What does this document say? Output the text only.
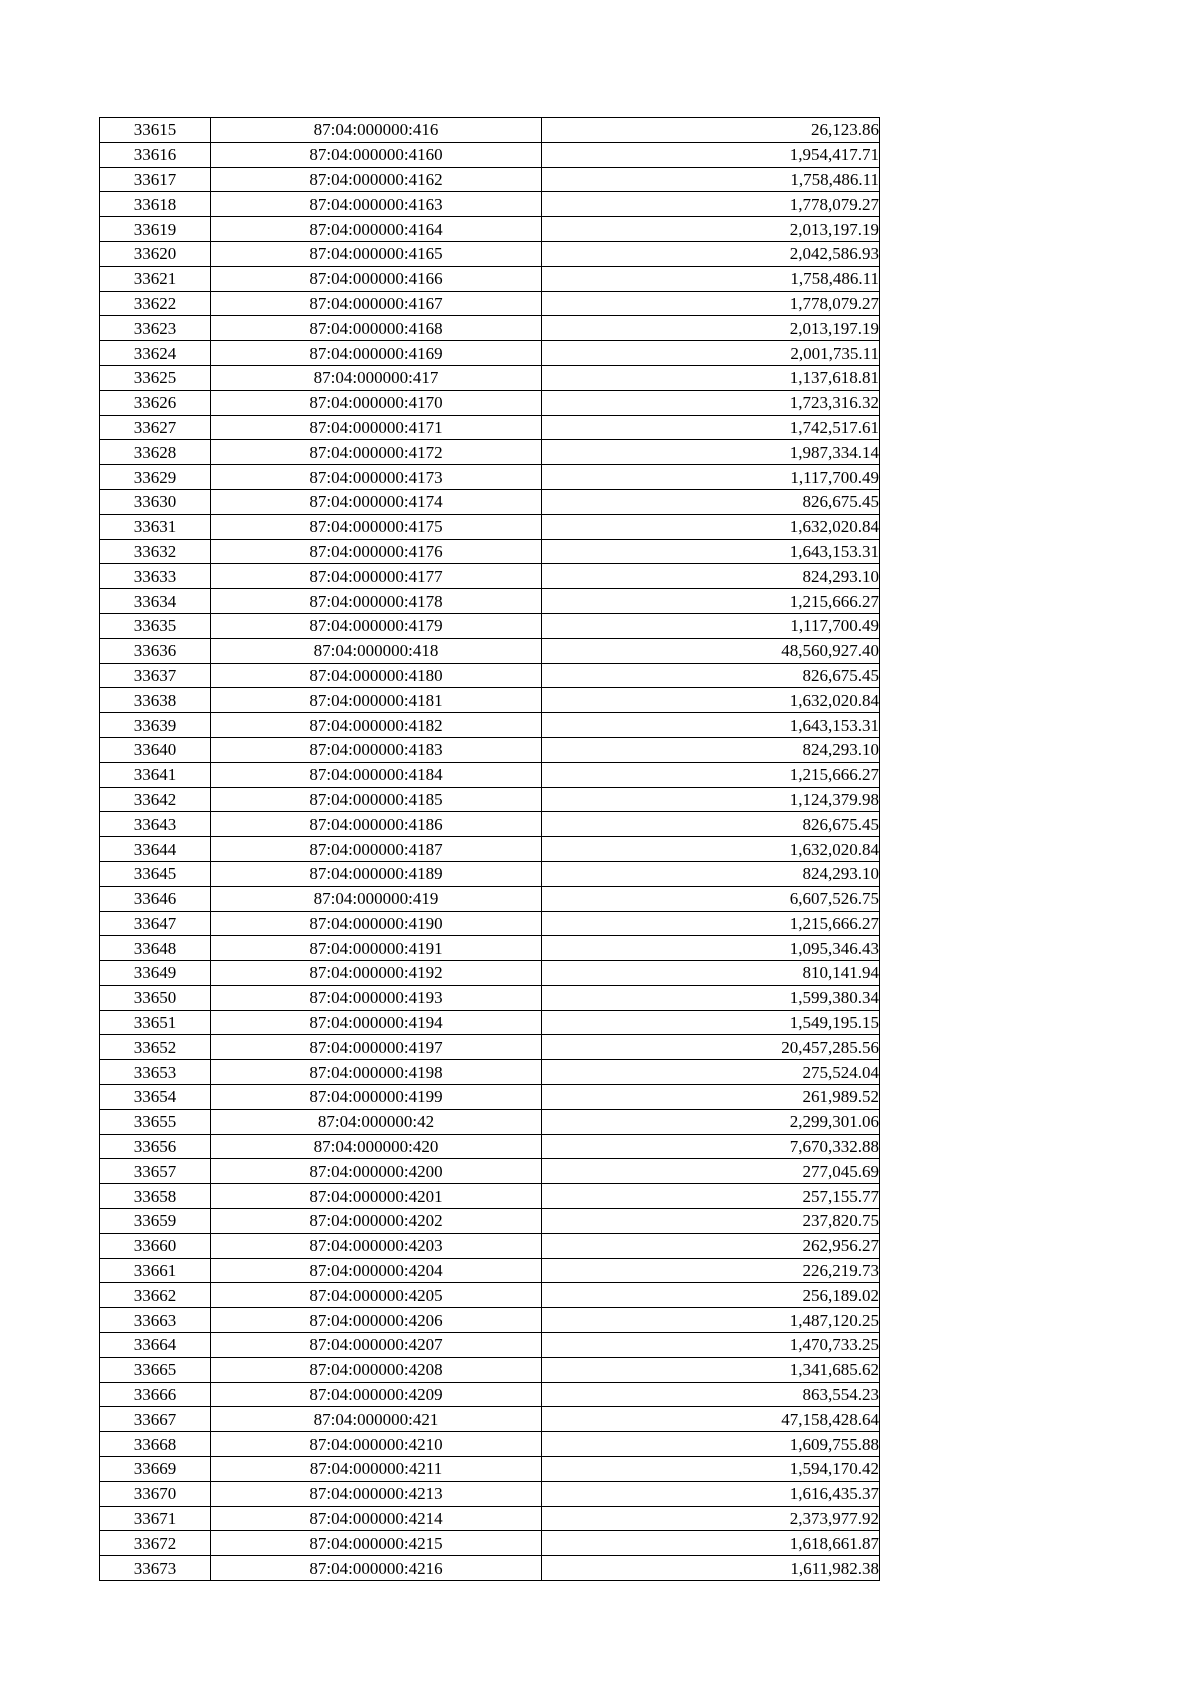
33615	87:04:000000:416	26,123.86
33616	87:04:000000:4160	1,954,417.71
33617	87:04:000000:4162	1,758,486.11
33618	87:04:000000:4163	1,778,079.27
33619	87:04:000000:4164	2,013,197.19
33620	87:04:000000:4165	2,042,586.93
33621	87:04:000000:4166	1,758,486.11
33622	87:04:000000:4167	1,778,079.27
33623	87:04:000000:4168	2,013,197.19
33624	87:04:000000:4169	2,001,735.11
33625	87:04:000000:417	1,137,618.81
33626	87:04:000000:4170	1,723,316.32
33627	87:04:000000:4171	1,742,517.61
33628	87:04:000000:4172	1,987,334.14
33629	87:04:000000:4173	1,117,700.49
33630	87:04:000000:4174	826,675.45
33631	87:04:000000:4175	1,632,020.84
33632	87:04:000000:4176	1,643,153.31
33633	87:04:000000:4177	824,293.10
33634	87:04:000000:4178	1,215,666.27
33635	87:04:000000:4179	1,117,700.49
33636	87:04:000000:418	48,560,927.40
33637	87:04:000000:4180	826,675.45
33638	87:04:000000:4181	1,632,020.84
33639	87:04:000000:4182	1,643,153.31
33640	87:04:000000:4183	824,293.10
33641	87:04:000000:4184	1,215,666.27
33642	87:04:000000:4185	1,124,379.98
33643	87:04:000000:4186	826,675.45
33644	87:04:000000:4187	1,632,020.84
33645	87:04:000000:4189	824,293.10
33646	87:04:000000:419	6,607,526.75
33647	87:04:000000:4190	1,215,666.27
33648	87:04:000000:4191	1,095,346.43
33649	87:04:000000:4192	810,141.94
33650	87:04:000000:4193	1,599,380.34
33651	87:04:000000:4194	1,549,195.15
33652	87:04:000000:4197	20,457,285.56
33653	87:04:000000:4198	275,524.04
33654	87:04:000000:4199	261,989.52
33655	87:04:000000:42	2,299,301.06
33656	87:04:000000:420	7,670,332.88
33657	87:04:000000:4200	277,045.69
33658	87:04:000000:4201	257,155.77
33659	87:04:000000:4202	237,820.75
33660	87:04:000000:4203	262,956.27
33661	87:04:000000:4204	226,219.73
33662	87:04:000000:4205	256,189.02
33663	87:04:000000:4206	1,487,120.25
33664	87:04:000000:4207	1,470,733.25
33665	87:04:000000:4208	1,341,685.62
33666	87:04:000000:4209	863,554.23
33667	87:04:000000:421	47,158,428.64
33668	87:04:000000:4210	1,609,755.88
33669	87:04:000000:4211	1,594,170.42
33670	87:04:000000:4213	1,616,435.37
33671	87:04:000000:4214	2,373,977.92
33672	87:04:000000:4215	1,618,661.87
33673	87:04:000000:4216	1,611,982.38
